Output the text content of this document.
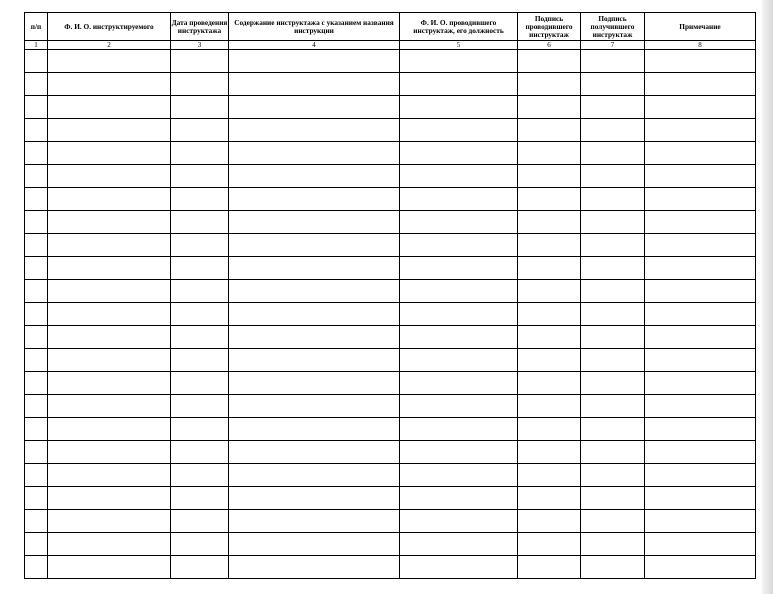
п/п	Ф. И. О. инструктируемого	Дата проведения инструктажа	Содержание инструктажа с указанием названия инструкции	Ф. И. О. проводившего инструктаж, его должность	Подпись проводившего инструктаж	Подпись получившего инструктаж	Примечание
1	2	3	4	5	6	7	8
